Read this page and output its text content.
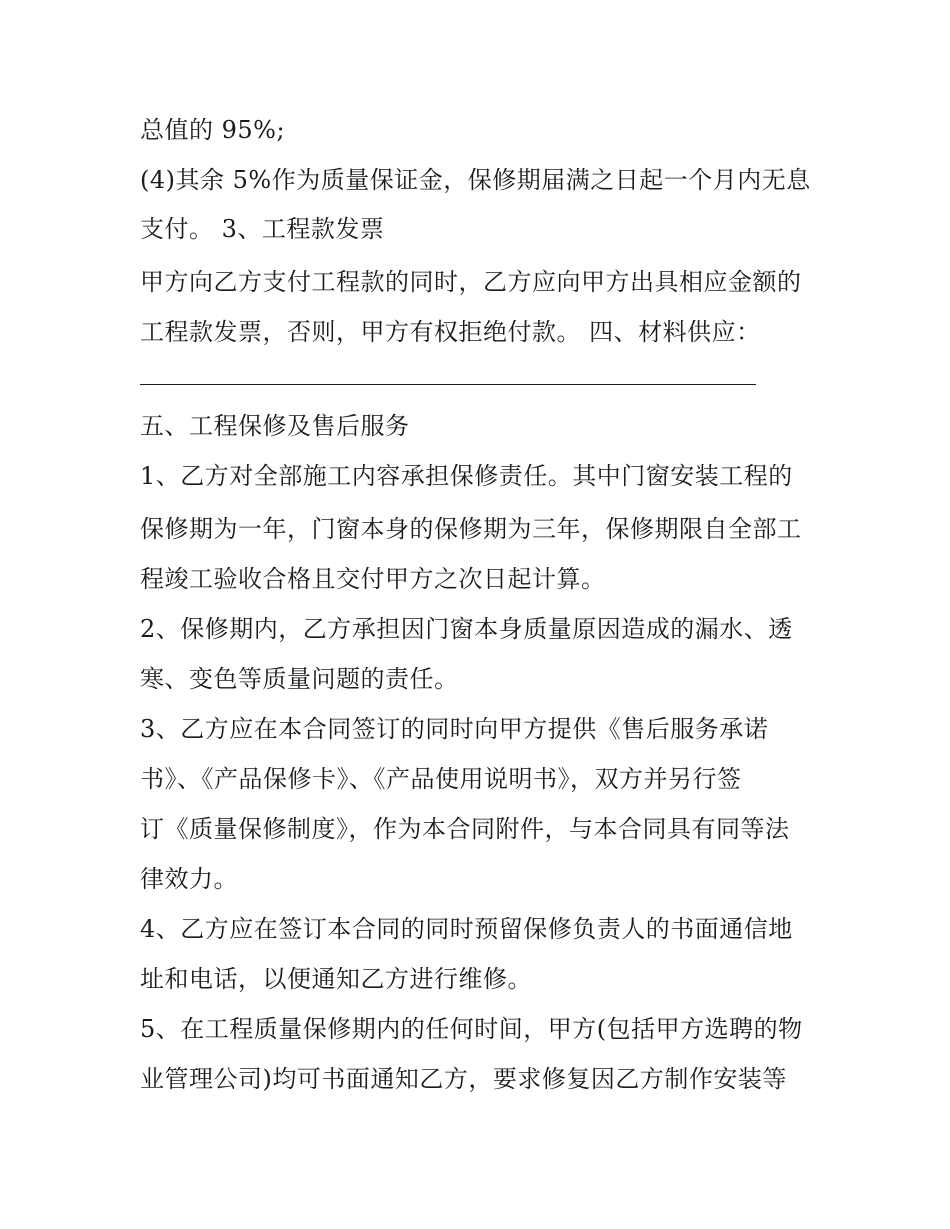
总值的 95%;
(4)其余 5%作为质量保证金，保修期届满之日起一个月内无息
支付。 3、工程款发票
甲方向乙方支付工程款的同时，乙方应向甲方出具相应金额的
工程款发票，否则，甲方有权拒绝付款。 四、材料供应：
五、工程保修及售后服务
1、乙方对全部施工内容承担保修责任。其中门窗安装工程的
保修期为一年，门窗本身的保修期为三年，保修期限自全部工
程竣工验收合格且交付甲方之次日起计算。
2、保修期内，乙方承担因门窗本身质量原因造成的漏水、透
寒、变色等质量问题的责任。
3、乙方应在本合同签订的同时向甲方提供《售后服务承诺
书》、《产品保修卡》、《产品使用说明书》，双方并另行签
订《质量保修制度》，作为本合同附件，与本合同具有同等法
律效力。
4、乙方应在签订本合同的同时预留保修负责人的书面通信地
址和电话，以便通知乙方进行维修。
5、在工程质量保修期内的任何时间，甲方(包括甲方选聘的物
业管理公司)均可书面通知乙方，要求修复因乙方制作安装等
